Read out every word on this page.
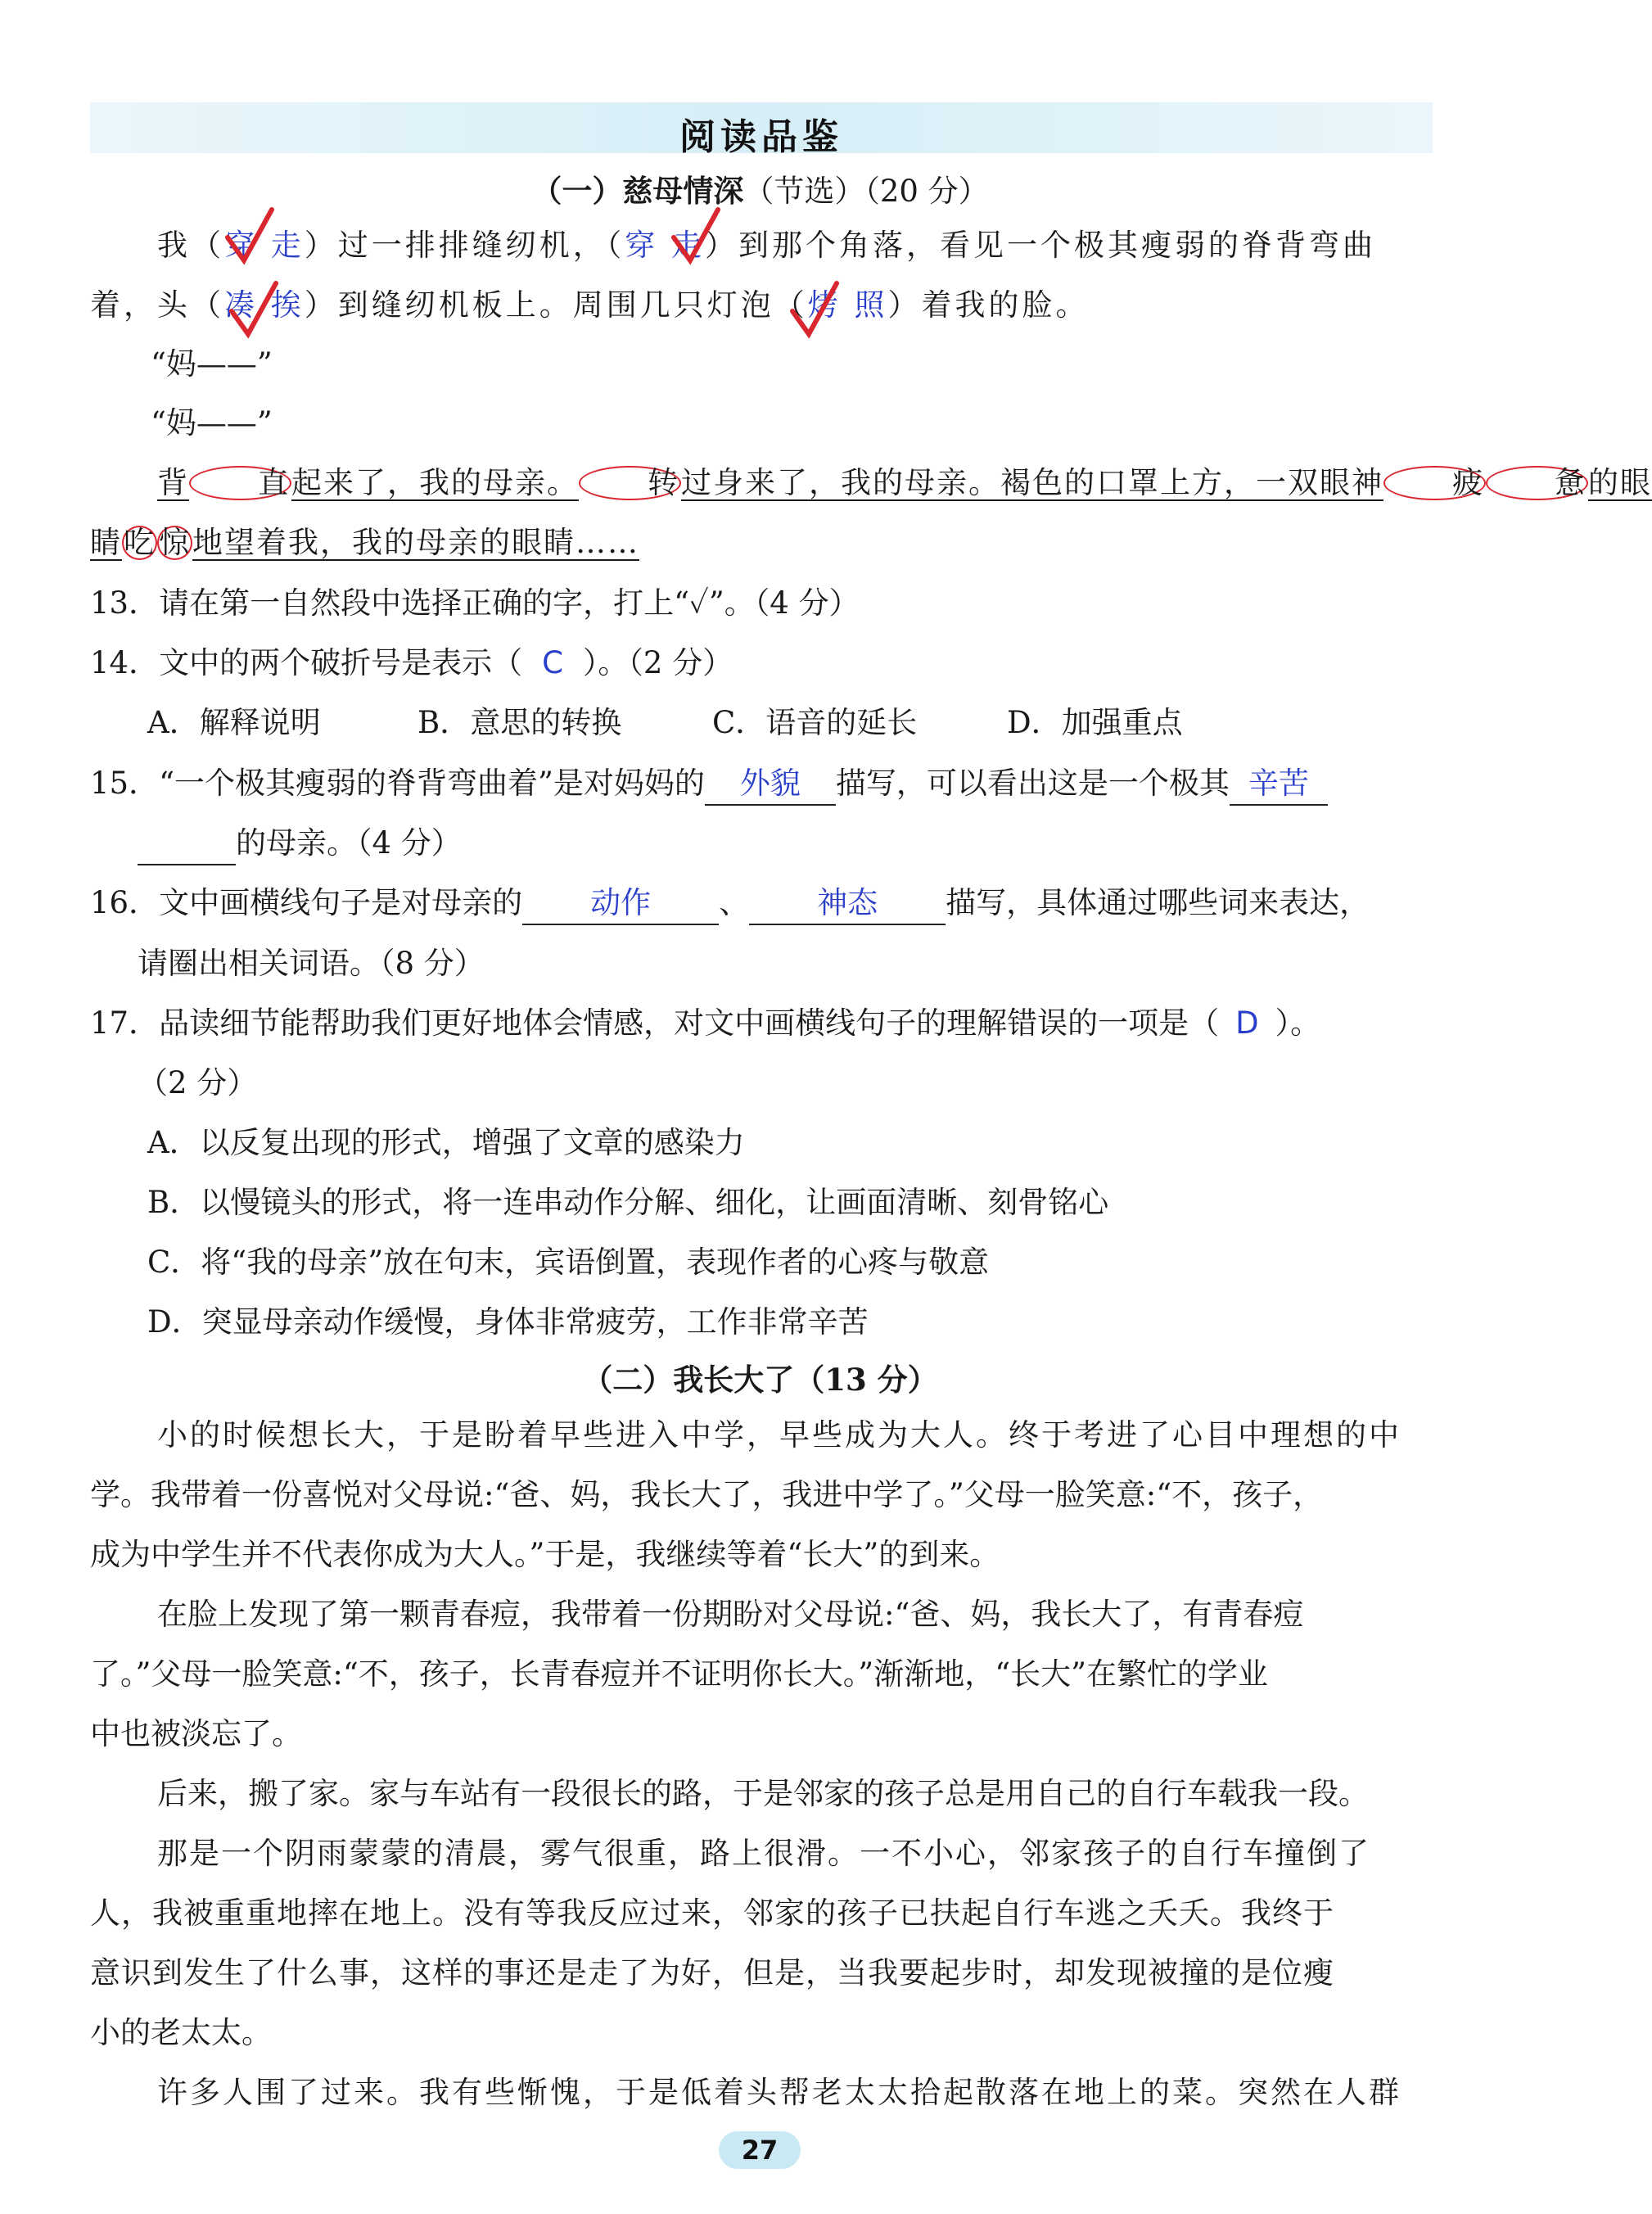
阅读品鉴
（一）慈母情深（节选）（20 分）
我（穿 走）过一排排缝纫机，（穿 走）到那个角落，看见一个极其瘦弱的脊背弯曲
着，头（凑 挨）到缝纫机板上。周围几只灯泡（烤 照）着我的脸。
“妈——”
“妈——”
背 直起来了，我的母亲。 转过身来了，我的母亲。褐色的口罩上方，一双眼神 疲 惫的眼
睛吃 惊地望着我，我的母亲的眼睛……
13．请在第一自然段中选择正确的字，打上“✓”。（4 分）
14．文中的两个破折号是表示（ C ）。（2 分）
A．解释说明	B．意思的转换	C．语音的延长	D．加强重点
15．“一个极其瘦弱的脊背弯曲着”是对妈妈的 外貌 描写，可以看出这是一个极其 辛苦
的母亲。（4 分）
16．文中画横线句子是对母亲的 动作 、 神态 描写，具体通过哪些词来表达，
请圈出相关词语。（8 分）
17．品读细节能帮助我们更好地体会情感，对文中画横线句子的理解错误的一项是（ D ）。
（2 分）
A．以反复出现的形式，增强了文章的感染力
B．以慢镜头的形式，将一连串动作分解、细化，让画面清晰、刻骨铭心
C．将“我的母亲”放在句末，宾语倒置，表现作者的心疼与敬意
D．突显母亲动作缓慢，身体非常疲劳，工作非常辛苦
（二）我长大了（13 分）
小的时候想长大，于是盼着早些进入中学，早些成为大人。终于考进了心目中理想的中
学。我带着一份喜悦对父母说:“爸、妈，我长大了，我进中学了。”父母一脸笑意:“不，孩子，
成为中学生并不代表你成为大人。”于是，我继续等着“长大”的到来。
在脸上发现了第一颗青春痘，我带着一份期盼对父母说:“爸、妈，我长大了，有青春痘
了。”父母一脸笑意:“不，孩子，长青春痘并不证明你长大。”渐渐地，“长大”在繁忙的学业
中也被淡忘了。
后来，搬了家。家与车站有一段很长的路，于是邻家的孩子总是用自己的自行车载我一段。
那是一个阴雨蒙蒙的清晨，雾气很重，路上很滑。一不小心，邻家孩子的自行车撞倒了
人，我被重重地摔在地上。没有等我反应过来，邻家的孩子已扶起自行车逃之夭夭。我终于
意识到发生了什么事，这样的事还是走了为好，但是，当我要起步时，却发现被撞的是位瘦
小的老太太。
许多人围了过来。我有些惭愧，于是低着头帮老太太拾起散落在地上的菜。突然在人群
27
